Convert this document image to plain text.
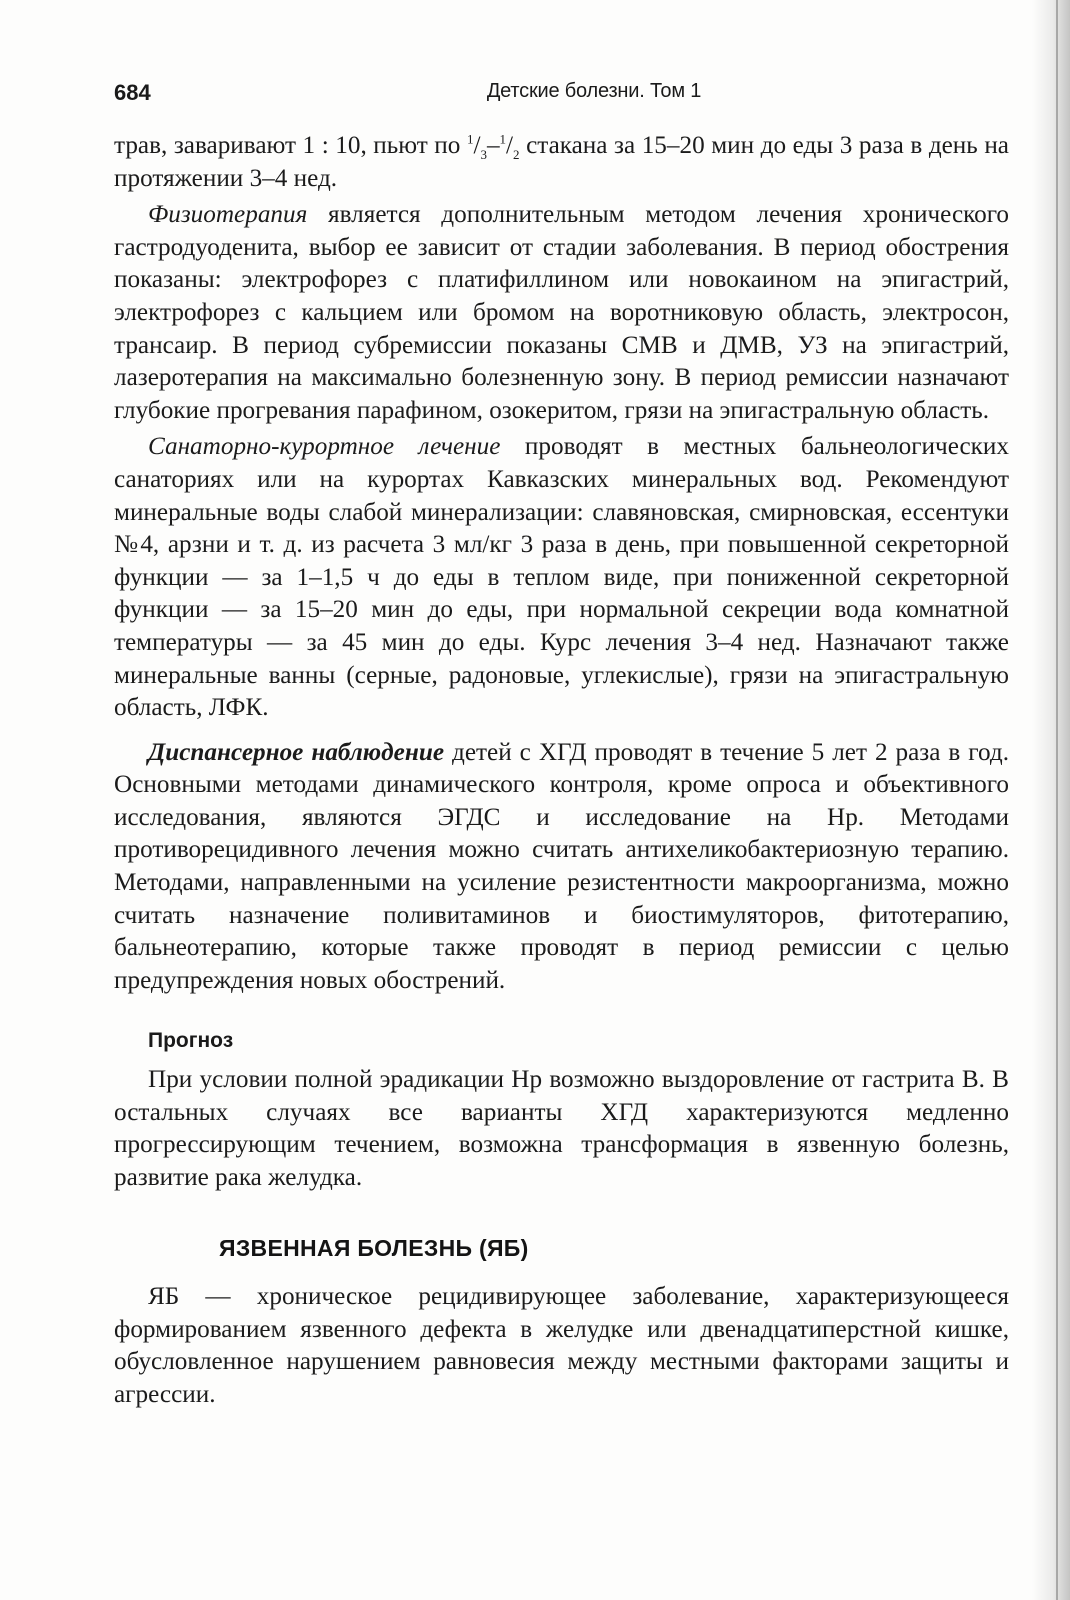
684	Детские болезни. Том 1

трав, заваривают 1 : 10, пьют по $^1/_3-^1/_2$ стакана за 15–20 мин до еды 3 раза в день на протяжении 3–4 нед.

Физиотерапия является дополнительным методом лечения хронического гастродуоденита, выбор ее зависит от стадии заболевания. В период обострения показаны: электрофорез с платифиллином или новокаином на эпигастрий, электрофорез с кальцием или бромом на воротниковую область, электросон, трансаир. В период субремиссии показаны СМВ и ДМВ, УЗ на эпигастрий, лазеротерапия на максимально болезненную зону. В период ремиссии назначают глубокие прогревания парафином, озокеритом, грязи на эпигастральную область.

Санаторно-курортное лечение проводят в местных бальнеологических санаториях или на курортах Кавказских минеральных вод. Рекомендуют минеральные воды слабой минерализации: славяновская, смирновская, ессентуки №4, арзни и т. д. из расчета 3 мл/кг 3 раза в день, при повышенной секреторной функции — за 1–1,5 ч до еды в теплом виде, при пониженной секреторной функции — за 15–20 мин до еды, при нормальной секреции вода комнатной температуры — за 45 мин до еды. Курс лечения 3–4 нед. Назначают также минеральные ванны (серные, радоновые, углекислые), грязи на эпигастральную область, ЛФК.

Диспансерное наблюдение детей с ХГД проводят в течение 5 лет 2 раза в год. Основными методами динамического контроля, кроме опроса и объективного исследования, являются ЭГДС и исследование на Hp. Методами противорецидивного лечения можно считать антихеликобактериозную терапию. Методами, направленными на усиление резистентности макроорганизма, можно считать назначение поливитаминов и биостимуляторов, фитотерапию, бальнеотерапию, которые также проводят в период ремиссии с целью предупреждения новых обострений.

Прогноз

При условии полной эрадикации Hp возможно выздоровление от гастрита В. В остальных случаях все варианты ХГД характеризуются медленно прогрессирующим течением, возможна трансформация в язвенную болезнь, развитие рака желудка.

ЯЗВЕННАЯ БОЛЕЗНЬ (ЯБ)

ЯБ — хроническое рецидивирующее заболевание, характеризующееся формированием язвенного дефекта в желудке или двенадцатиперстной кишке, обусловленное нарушением равновесия между местными факторами защиты и агрессии.
